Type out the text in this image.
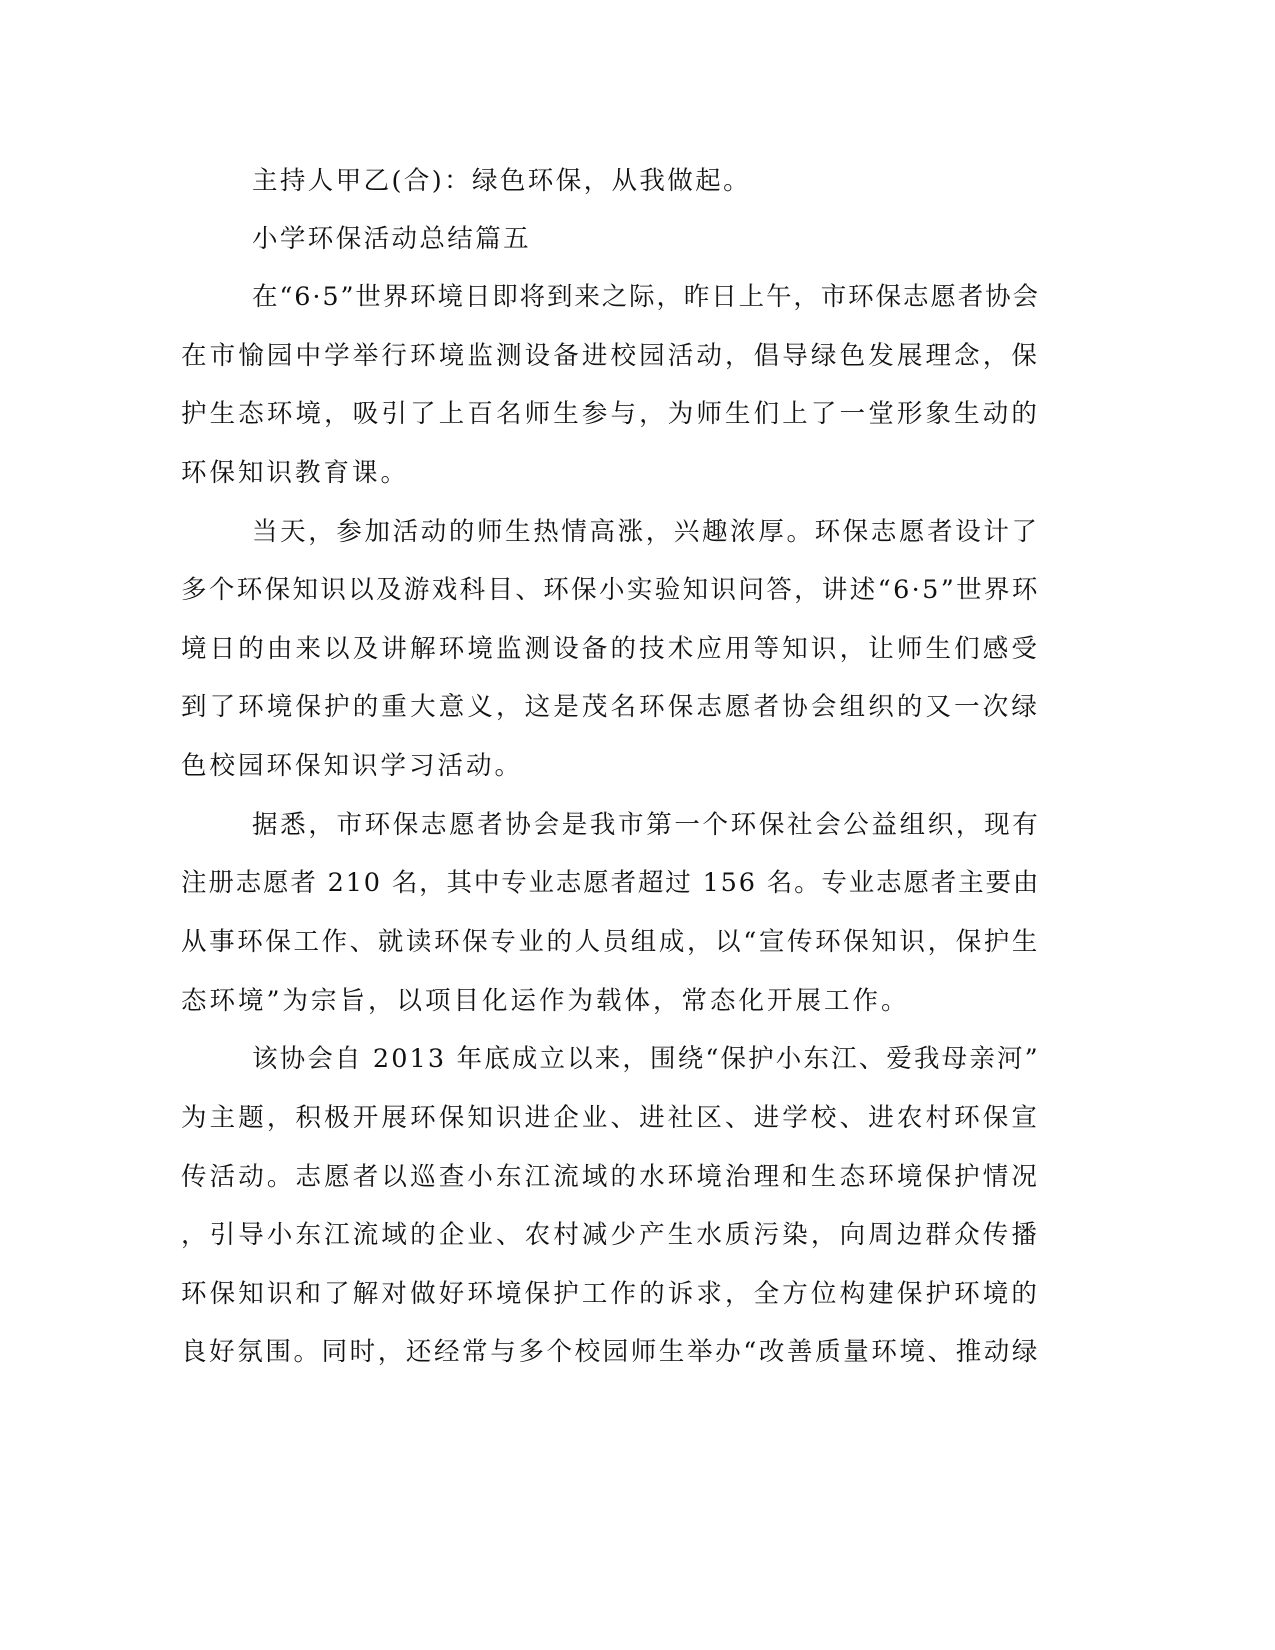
主持人甲乙(合)：绿色环保，从我做起。
小学环保活动总结篇五
在“6·5”世界环境日即将到来之际，昨日上午，市环保志愿者协会
在市愉园中学举行环境监测设备进校园活动，倡导绿色发展理念，保
护生态环境，吸引了上百名师生参与，为师生们上了一堂形象生动的
环保知识教育课。
当天，参加活动的师生热情高涨，兴趣浓厚。环保志愿者设计了
多个环保知识以及游戏科目、环保小实验知识问答，讲述“6·5”世界环
境日的由来以及讲解环境监测设备的技术应用等知识，让师生们感受
到了环境保护的重大意义，这是茂名环保志愿者协会组织的又一次绿
色校园环保知识学习活动。
据悉，市环保志愿者协会是我市第一个环保社会公益组织，现有
注册志愿者 210 名，其中专业志愿者超过 156 名。专业志愿者主要由
从事环保工作、就读环保专业的人员组成，以“宣传环保知识，保护生
态环境”为宗旨，以项目化运作为载体，常态化开展工作。
该协会自 2013 年底成立以来，围绕“保护小东江、爱我母亲河”
为主题，积极开展环保知识进企业、进社区、进学校、进农村环保宣
传活动。志愿者以巡查小东江流域的水环境治理和生态环境保护情况
，引导小东江流域的企业、农村减少产生水质污染，向周边群众传播
环保知识和了解对做好环境保护工作的诉求，全方位构建保护环境的
良好氛围。同时，还经常与多个校园师生举办“改善质量环境、推动绿
